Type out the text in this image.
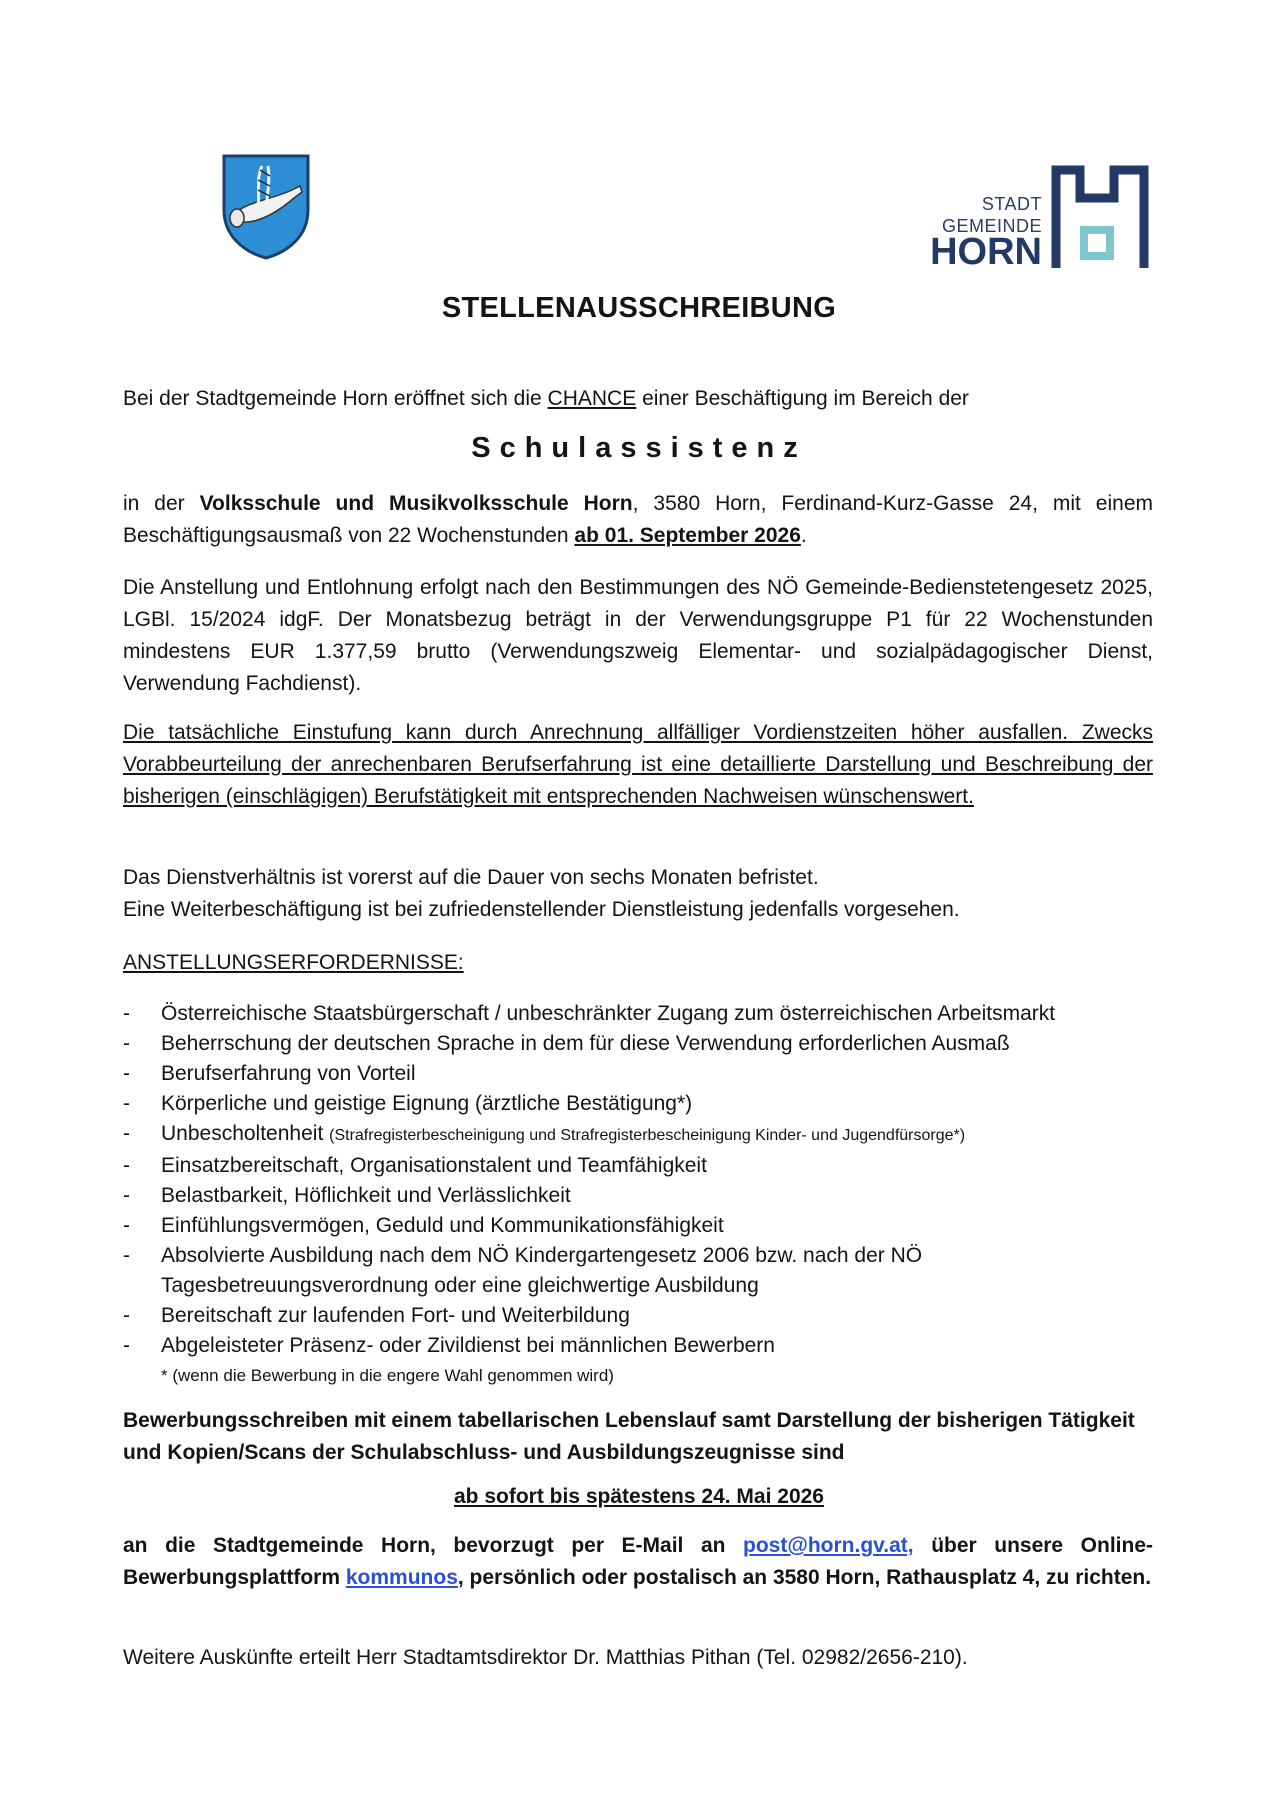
STADT
GEMEINDE
HORN
STELLENAUSSCHREIBUNG
Bei der Stadtgemeinde Horn eröffnet sich die CHANCE einer Beschäftigung im Bereich der
Schulassistenz
in der Volksschule und Musikvolksschule Horn, 3580 Horn, Ferdinand-Kurz-Gasse 24, mit einem Beschäftigungsausmaß von 22 Wochenstunden ab 01. September 2026.
Die Anstellung und Entlohnung erfolgt nach den Bestimmungen des NÖ Gemeinde-Bedienstetengesetz 2025, LGBl. 15/2024 idgF. Der Monatsbezug beträgt in der Verwendungsgruppe P1 für 22 Wochenstunden mindestens EUR 1.377,59 brutto (Verwendungszweig Elementar- und sozialpädagogischer Dienst, Verwendung Fachdienst).
Die tatsächliche Einstufung kann durch Anrechnung allfälliger Vordienstzeiten höher ausfallen. Zwecks Vorabbeurteilung der anrechenbaren Berufserfahrung ist eine detaillierte Darstellung und Beschreibung der bisherigen (einschlägigen) Berufstätigkeit mit entsprechenden Nachweisen wünschenswert.
Das Dienstverhältnis ist vorerst auf die Dauer von sechs Monaten befristet.
Eine Weiterbeschäftigung ist bei zufriedenstellender Dienstleistung jedenfalls vorgesehen.
ANSTELLUNGSERFORDERNISSE:
- Österreichische Staatsbürgerschaft / unbeschränkter Zugang zum österreichischen Arbeitsmarkt
- Beherrschung der deutschen Sprache in dem für diese Verwendung erforderlichen Ausmaß
- Berufserfahrung von Vorteil
- Körperliche und geistige Eignung (ärztliche Bestätigung*)
- Unbescholtenheit (Strafregisterbescheinigung und Strafregisterbescheinigung Kinder- und Jugendfürsorge*)
- Einsatzbereitschaft, Organisationstalent und Teamfähigkeit
- Belastbarkeit, Höflichkeit und Verlässlichkeit
- Einfühlungsvermögen, Geduld und Kommunikationsfähigkeit
- Absolvierte Ausbildung nach dem NÖ Kindergartengesetz 2006 bzw. nach der NÖ Tagesbetreuungsverordnung oder eine gleichwertige Ausbildung
- Bereitschaft zur laufenden Fort- und Weiterbildung
- Abgeleisteter Präsenz- oder Zivildienst bei männlichen Bewerbern
* (wenn die Bewerbung in die engere Wahl genommen wird)
Bewerbungsschreiben mit einem tabellarischen Lebenslauf samt Darstellung der bisherigen Tätigkeit und Kopien/Scans der Schulabschluss- und Ausbildungszeugnisse sind
ab sofort bis spätestens 24. Mai 2026
an die Stadtgemeinde Horn, bevorzugt per E-Mail an post@horn.gv.at, über unsere Online-Bewerbungsplattform kommunos, persönlich oder postalisch an 3580 Horn, Rathausplatz 4, zu richten.
Weitere Auskünfte erteilt Herr Stadtamtsdirektor Dr. Matthias Pithan (Tel. 02982/2656-210).
